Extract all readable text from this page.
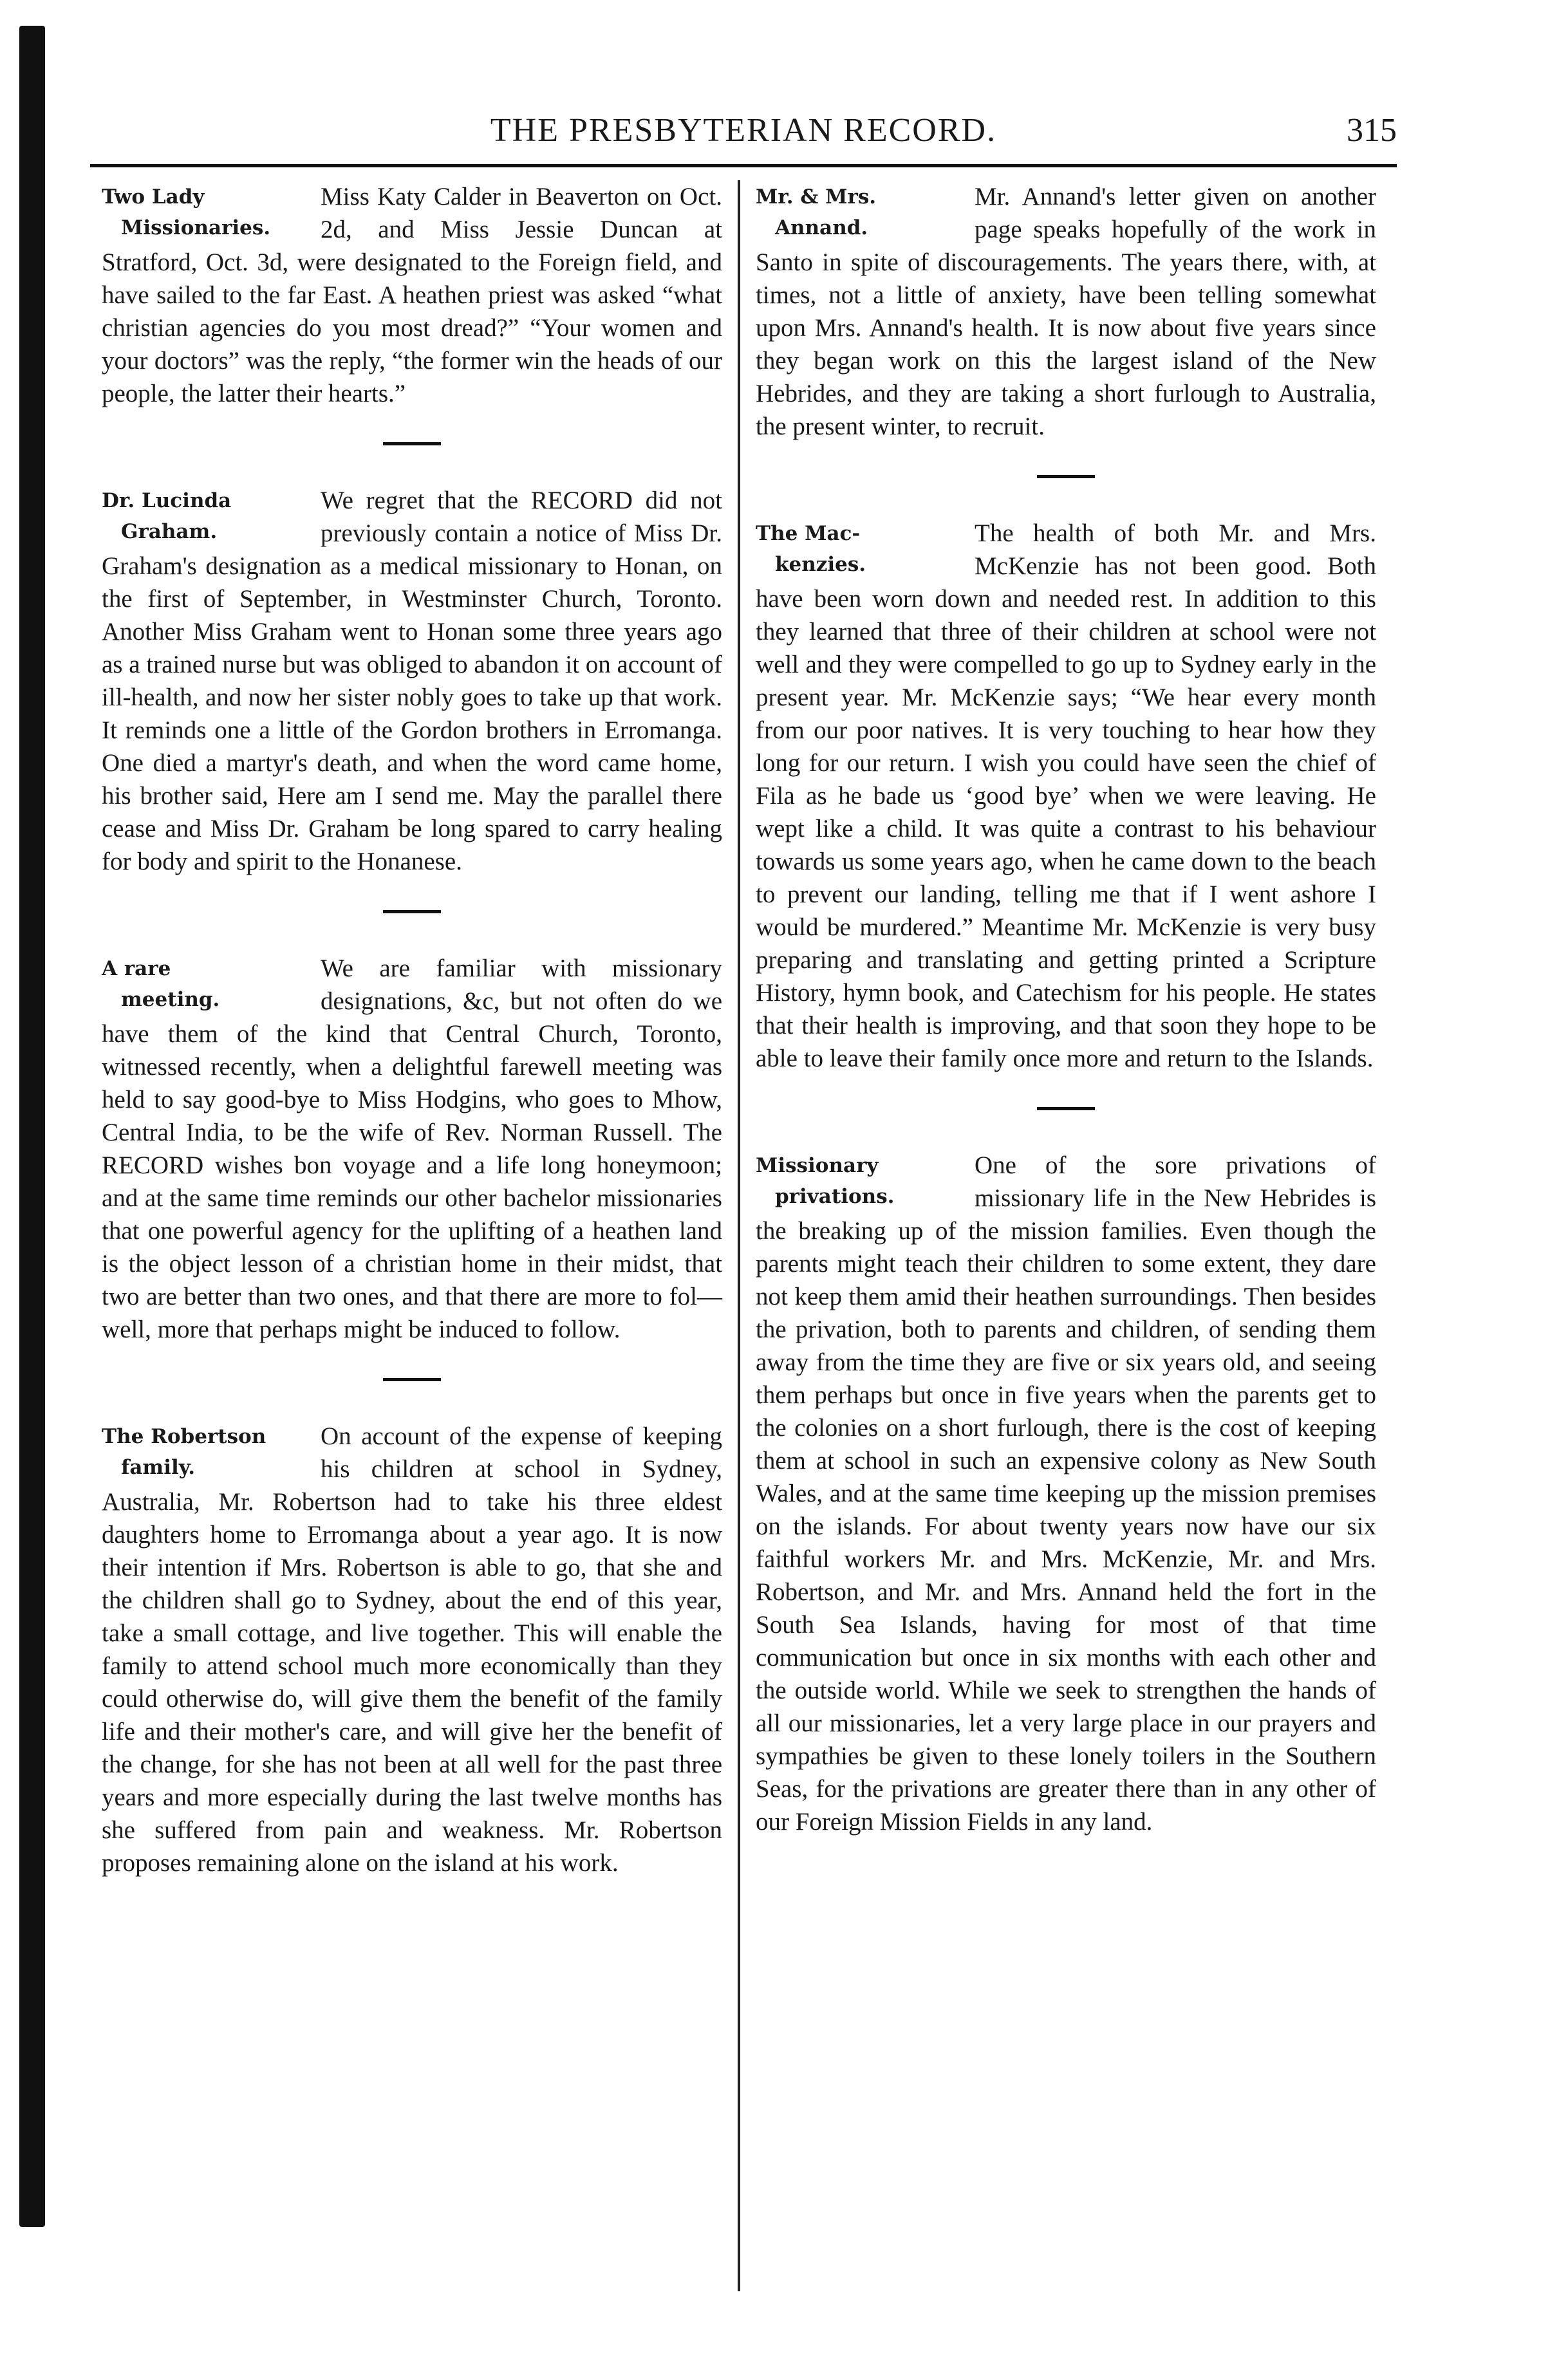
THE PRESBYTERIAN RECORD.	315

Two Lady
Missionaries.
Miss Katy Calder in Beaverton on Oct. 2d, and Miss Jessie Duncan at Stratford, Oct. 3d, were designated to the Foreign field, and have sailed to the far East. A heathen priest was asked “what christian agencies do you most dread?” “Your women and your doctors” was the reply, “the former win the heads of our people, the latter their hearts.”

Dr. Lucinda
Graham.
We regret that the RECORD did not previously contain a notice of Miss Dr. Graham's designation as a medical missionary to Honan, on the first of September, in Westminster Church, Toronto. Another Miss Graham went to Honan some three years ago as a trained nurse but was obliged to abandon it on account of ill-health, and now her sister nobly goes to take up that work. It reminds one a little of the Gordon brothers in Erromanga. One died a martyr's death, and when the word came home, his brother said, Here am I send me. May the parallel there cease and Miss Dr. Graham be long spared to carry healing for body and spirit to the Honanese.

A rare
meeting.
We are familiar with missionary designations, &c, but not often do we have them of the kind that Central Church, Toronto, witnessed recently, when a delightful farewell meeting was held to say good-bye to Miss Hodgins, who goes to Mhow, Central India, to be the wife of Rev. Norman Russell. The RECORD wishes bon voyage and a life long honeymoon; and at the same time reminds our other bachelor missionaries that one powerful agency for the uplifting of a heathen land is the object lesson of a christian home in their midst, that two are better than two ones, and that there are more to fol— well, more that perhaps might be induced to follow.

The Robertson
family.
On account of the expense of keeping his children at school in Sydney, Australia, Mr. Robertson had to take his three eldest daughters home to Erromanga about a year ago. It is now their intention if Mrs. Robertson is able to go, that she and the children shall go to Sydney, about the end of this year, take a small cottage, and live together. This will enable the family to attend school much more economically than they could otherwise do, will give them the benefit of the family life and their mother's care, and will give her the benefit of the change, for she has not been at all well for the past three years and more especially during the last twelve months has she suffered from pain and weakness. Mr. Robertson proposes remaining alone on the island at his work.

Mr. & Mrs.
Annand.
Mr. Annand's letter given on another page speaks hopefully of the work in Santo in spite of discouragements. The years there, with, at times, not a little of anxiety, have been telling somewhat upon Mrs. Annand's health. It is now about five years since they began work on this the largest island of the New Hebrides, and they are taking a short furlough to Australia, the present winter, to recruit.

The Mac-
kenzies.
The health of both Mr. and Mrs. McKenzie has not been good. Both have been worn down and needed rest. In addition to this they learned that three of their children at school were not well and they were compelled to go up to Sydney early in the present year. Mr. McKenzie says; “We hear every month from our poor natives. It is very touching to hear how they long for our return. I wish you could have seen the chief of Fila as he bade us ‘good bye’ when we were leaving. He wept like a child. It was quite a contrast to his behaviour towards us some years ago, when he came down to the beach to prevent our landing, telling me that if I went ashore I would be murdered.” Meantime Mr. McKenzie is very busy preparing and translating and getting printed a Scripture History, hymn book, and Catechism for his people. He states that their health is improving, and that soon they hope to be able to leave their family once more and return to the Islands.

Missionary
privations.
One of the sore privations of missionary life in the New Hebrides is the breaking up of the mission families. Even though the parents might teach their children to some extent, they dare not keep them amid their heathen surroundings. Then besides the privation, both to parents and children, of sending them away from the time they are five or six years old, and seeing them perhaps but once in five years when the parents get to the colonies on a short furlough, there is the cost of keeping them at school in such an expensive colony as New South Wales, and at the same time keeping up the mission premises on the islands. For about twenty years now have our six faithful workers Mr. and Mrs. McKenzie, Mr. and Mrs. Robertson, and Mr. and Mrs. Annand held the fort in the South Sea Islands, having for most of that time communication but once in six months with each other and the outside world. While we seek to strengthen the hands of all our missionaries, let a very large place in our prayers and sympathies be given to these lonely toilers in the Southern Seas, for the privations are greater there than in any other of our Foreign Mission Fields in any land.
